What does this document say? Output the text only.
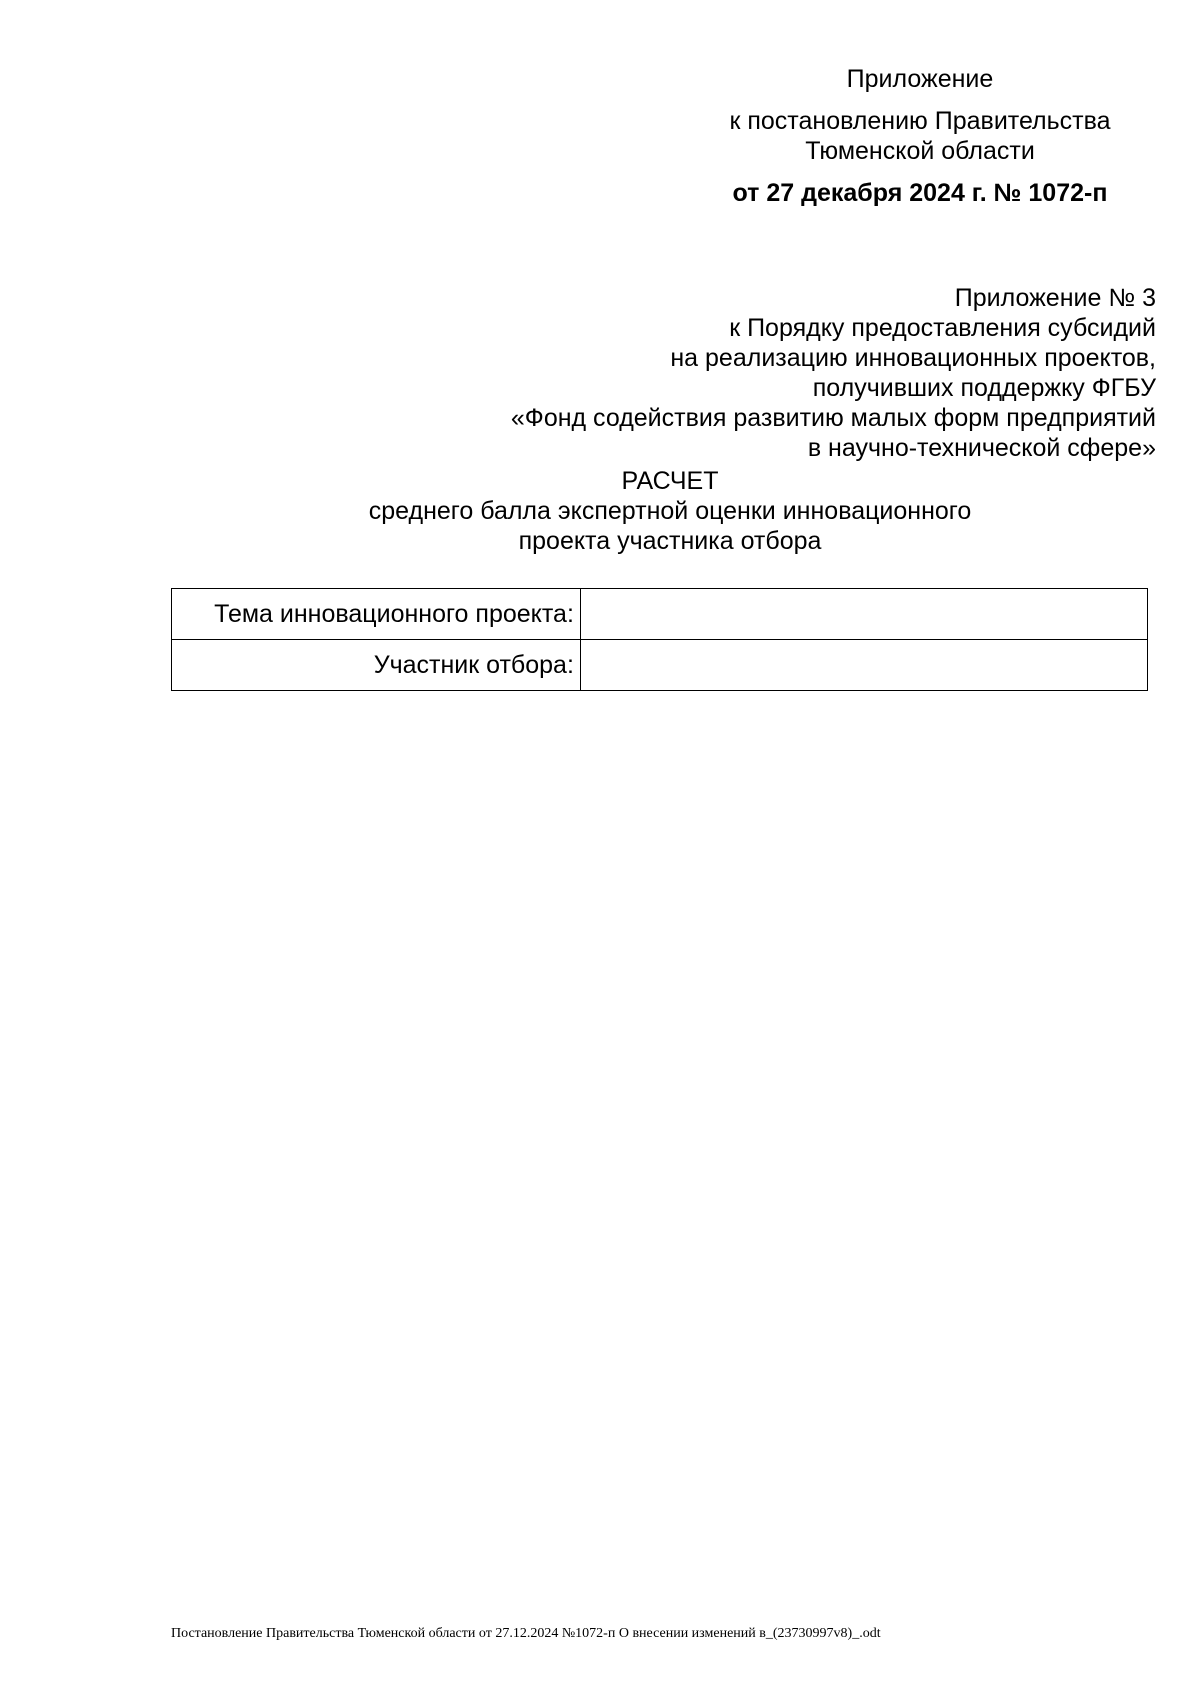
Приложение
к постановлению Правительства
Тюменской области
от 27 декабря 2024 г. № 1072-п
Приложение № 3
к Порядку предоставления субсидий
на реализацию инновационных проектов,
получивших поддержку ФГБУ
«Фонд содействия развитию малых форм предприятий
в научно-технической сфере»
РАСЧЕТ
среднего балла экспертной оценки инновационного
проекта участника отбора
Тема инновационного проекта:	
Участник отбора:	
Постановление Правительства Тюменской области от 27.12.2024 №1072-п О внесении изменений в_(23730997v8)_.odt
